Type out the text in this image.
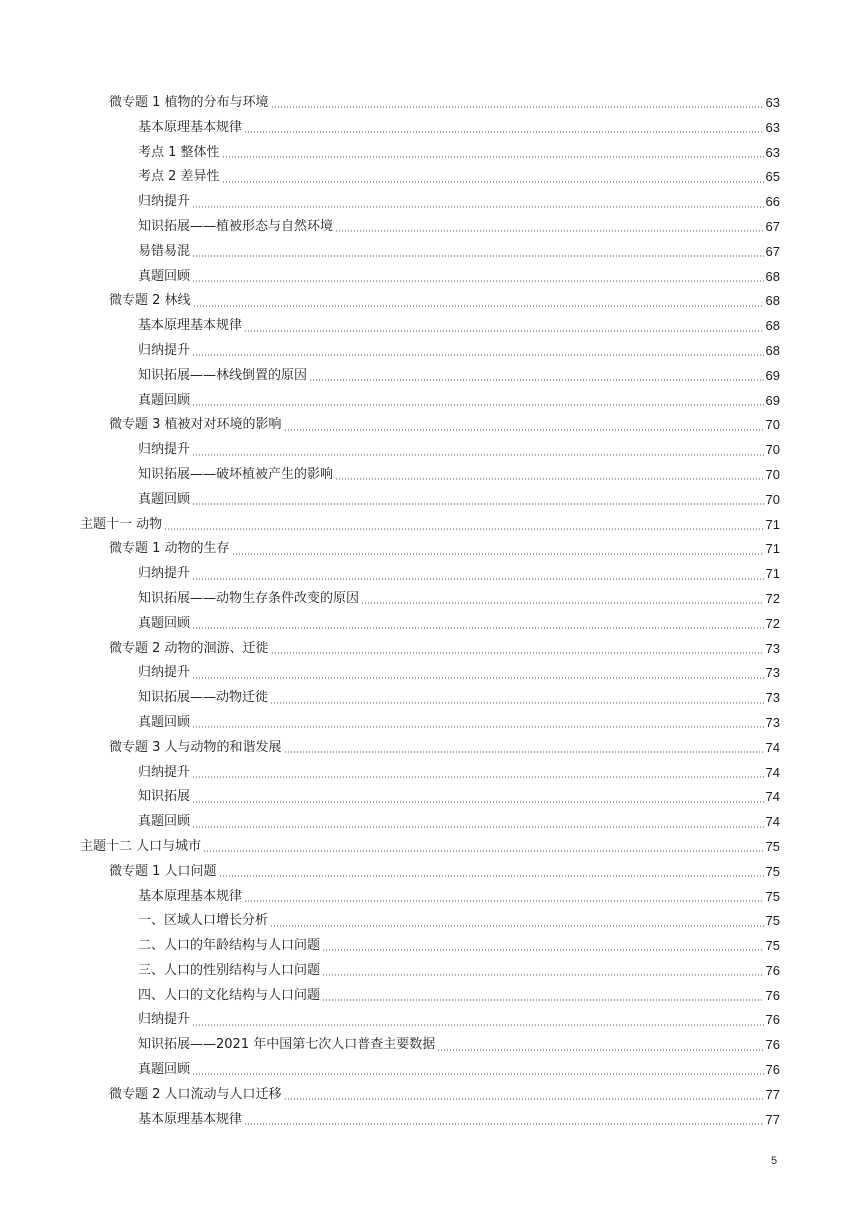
微专题 1 植物的分布与环境	63
基本原理基本规律	63
考点 1 整体性	63
考点 2 差异性	65
归纳提升	66
知识拓展——植被形态与自然环境	67
易错易混	67
真题回顾	68
微专题 2 林线	68
基本原理基本规律	68
归纳提升	68
知识拓展——林线倒置的原因	69
真题回顾	69
微专题 3 植被对对环境的影响	70
归纳提升	70
知识拓展——破坏植被产生的影响	70
真题回顾	70
主题十一 动物	71
微专题 1 动物的生存	71
归纳提升	71
知识拓展——动物生存条件改变的原因	72
真题回顾	72
微专题 2 动物的洄游、迁徙	73
归纳提升	73
知识拓展——动物迁徙	73
真题回顾	73
微专题 3 人与动物的和谐发展	74
归纳提升	74
知识拓展	74
真题回顾	74
主题十二 人口与城市	75
微专题 1 人口问题	75
基本原理基本规律	75
一、区域人口增长分析	75
二、人口的年龄结构与人口问题	75
三、人口的性别结构与人口问题	76
四、人口的文化结构与人口问题	76
归纳提升	76
知识拓展——2021 年中国第七次人口普查主要数据	76
真题回顾	76
微专题 2 人口流动与人口迁移	77
基本原理基本规律	77
5
